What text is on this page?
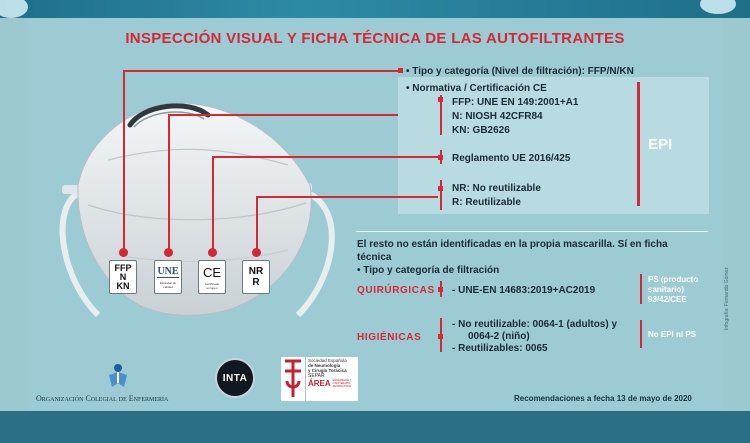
INSPECCIÓN VISUAL Y FICHA TÉCNICA DE LAS AUTOFILTRANTES
FFP
N
KN
UNE
Estándar de calidad
CE
Certificado europeo
NR
R
• Tipo y categoría (Nivel de filtración): FFP/N/KN
• Normativa / Certificación CE
FFP: UNE EN 149:2001+A1
N: NIOSH 42CFR84
KN: GB2626
Reglamento UE 2016/425
NR: No reutilizable
R: Reutilizable
EPI
El resto no están identificadas en la propia mascarilla. Sí en ficha
técnica
• Tipo y categoría de filtración
QUIRÚRGICAS - UNE-EN 14683:2019+AC2019
PS (producto
sanitario)
93/42/CEE
HIGIÉNICAS
- No reutilizable: 0064-1 (adultos) y
0064-2 (niño)
- Reutilizables: 0065
No EPI ni PS
Organización Colegial de Enfermería
INTA
Sociedad Española
de Neumología
y Cirugía Torácica
SEPAR
ÁREA ENFERMERÍA Y FISIOTERAPIA RESPIRATORIA
Recomendaciones a fecha 13 de mayo de 2020
Infografía: Fernando Gómez
